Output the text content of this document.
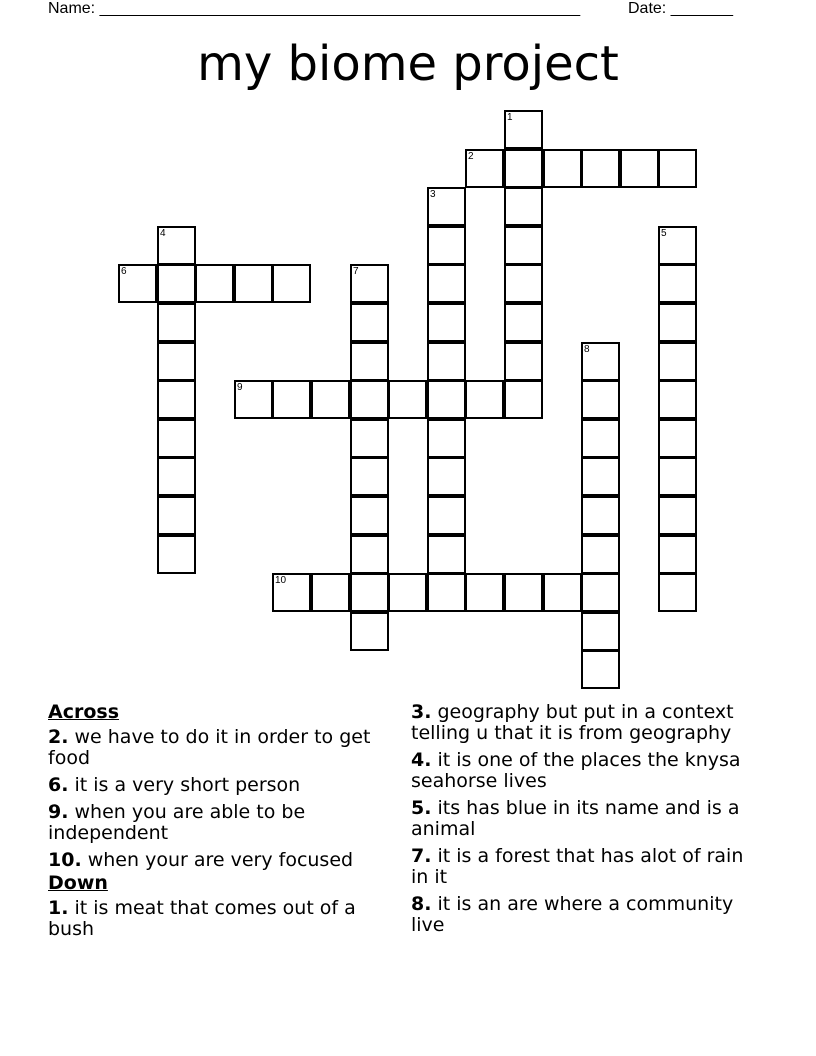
Name: ______________________________________________________	Date: _______
my biome project
1
2
3
4	5
6	7
8
9
10
Across
2. we have to do it in order to get food
6. it is a very short person
9. when you are able to be independent
10. when your are very focused
Down
1. it is meat that comes out of a bush
3. geography but put in a context telling u that it is from geography
4. it is one of the places the knysa seahorse lives
5. its has blue in its name and is a animal
7. it is a forest that has alot of rain in it
8. it is an are where a community live
